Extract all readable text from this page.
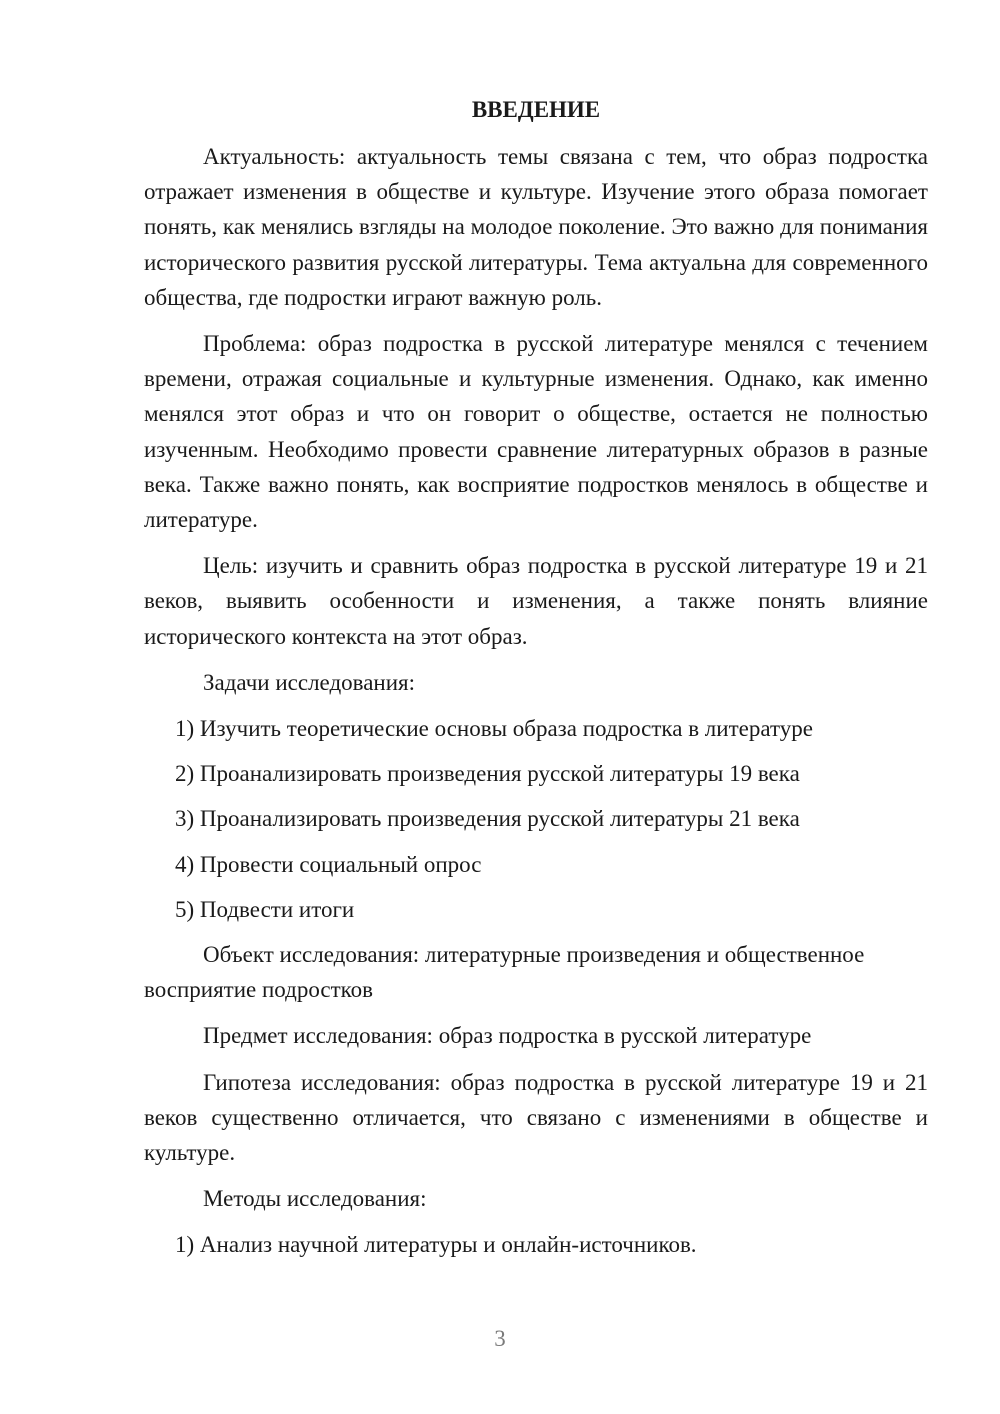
ВВЕДЕНИЕ

Актуальность: актуальность темы связана с тем, что образ подростка отражает изменения в обществе и культуре. Изучение этого образа помогает понять, как менялись взгляды на молодое поколение. Это важно для понимания исторического развития русской литературы. Тема актуальна для современного общества, где подростки играют важную роль.

Проблема: образ подростка в русской литературе менялся с течением времени, отражая социальные и культурные изменения. Однако, как именно менялся этот образ и что он говорит о обществе, остается не полностью изученным. Необходимо провести сравнение литературных образов в разные века. Также важно понять, как восприятие подростков менялось в обществе и литературе.

Цель: изучить и сравнить образ подростка в русской литературе 19 и 21 веков, выявить особенности и изменения, а также понять влияние исторического контекста на этот образ.

Задачи исследования:

1) Изучить теоретические основы образа подростка в литературе
2) Проанализировать произведения русской литературы 19 века
3) Проанализировать произведения русской литературы 21 века
4) Провести социальный опрос
5) Подвести итоги

Объект исследования: литературные произведения и общественное восприятие подростков

Предмет исследования: образ подростка в русской литературе

Гипотеза исследования: образ подростка в русской литературе 19 и 21 веков существенно отличается, что связано с изменениями в обществе и культуре.

Методы исследования:

1) Анализ научной литературы и онлайн-источников.
3
